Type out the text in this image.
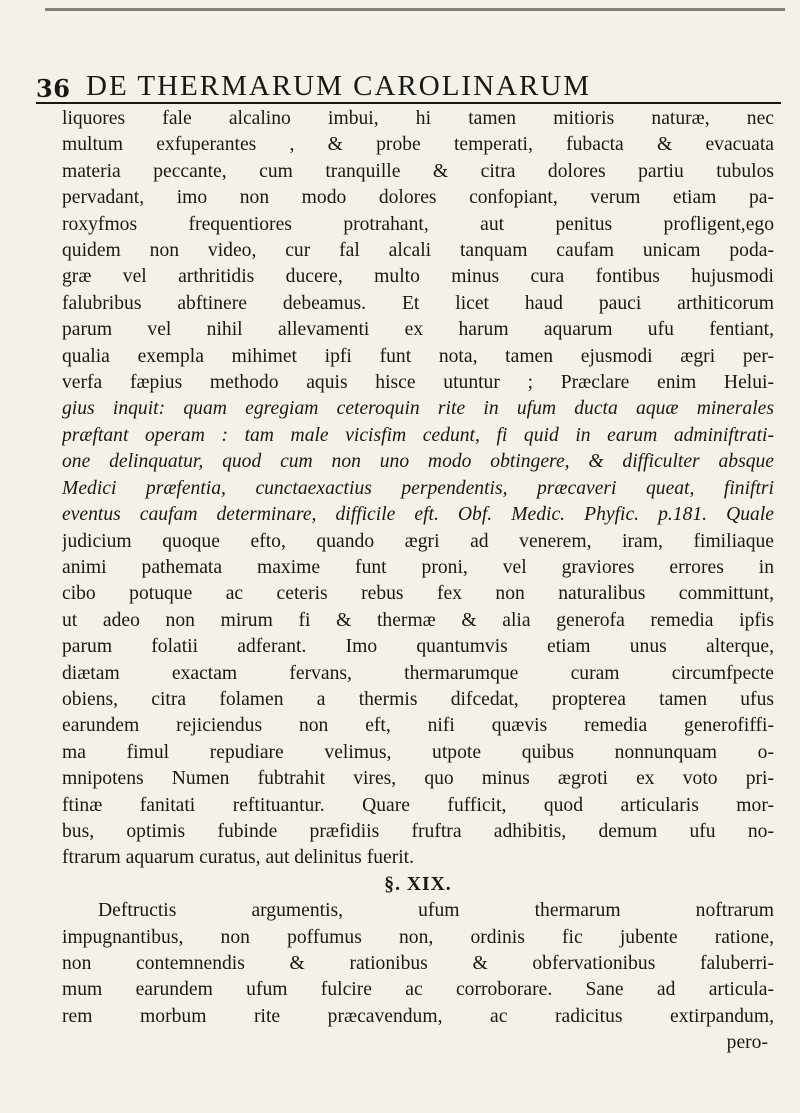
36 DE THERMARUM CAROLINARUM
liquores fale alcalino imbui, hi tamen mitioris naturæ, nec
multum exfuperantes , & probe temperati, fubacta & evacuata
materia peccante, cum tranquille & citra dolores partiu tubulos
pervadant, imo non modo dolores confopiant, verum etiam pa-
roxyfmos frequentiores protrahant, aut penitus profligent,ego
quidem non video, cur fal alcali tanquam caufam unicam poda-
græ vel arthritidis ducere, multo minus cura fontibus hujusmodi
falubribus abftinere debeamus. Et licet haud pauci arthiticorum
parum vel nihil allevamenti ex harum aquarum ufu fentiant,
qualia exempla mihimet ipfi funt nota, tamen ejusmodi ægri per-
verfa fæpius methodo aquis hisce utuntur ; Præclare enim Helui-
gius inquit: quam egregiam ceteroquin rite in ufum ducta aquæ minerales
præftant operam : tam male vicisfim cedunt, fi quid in earum adminiftrati-
one delinquatur, quod cum non uno modo obtingere, & difficulter absque
Medici præfentia, cunctaexactius perpendentis, præcaveri queat, finiftri
eventus caufam determinare, difficile eft. Obf. Medic. Phyfic. p.181. Quale
judicium quoque efto, quando ægri ad venerem, iram, fimiliaque
animi pathemata maxime funt proni, vel graviores errores in
cibo potuque ac ceteris rebus fex non naturalibus committunt,
ut adeo non mirum fi & thermæ & alia generofa remedia ipfis
parum folatii adferant. Imo quantumvis etiam unus alterque,
diætam exactam fervans, thermarumque curam circumfpecte
obiens, citra folamen a thermis difcedat, propterea tamen ufus
earundem rejiciendus non eft, nifi quævis remedia generofiffi-
ma fimul repudiare velimus, utpote quibus nonnunquam o-
mnipotens Numen fubtrahit vires, quo minus ægroti ex voto pri-
ftinæ fanitati reftituantur. Quare fufficit, quod articularis mor-
bus, optimis fubinde præfidiis fruftra adhibitis, demum ufu no-
ftrarum aquarum curatus, aut delinitus fuerit.
§. XIX.
Deftructis argumentis, ufum thermarum noftrarum
impugnantibus, non poffumus non, ordinis fic jubente ratione,
non contemnendis & rationibus & obfervationibus faluberri-
mum earundem ufum fulcire ac corroborare. Sane ad articula-
rem morbum rite præcavendum, ac radicitus extirpandum,
pero-
